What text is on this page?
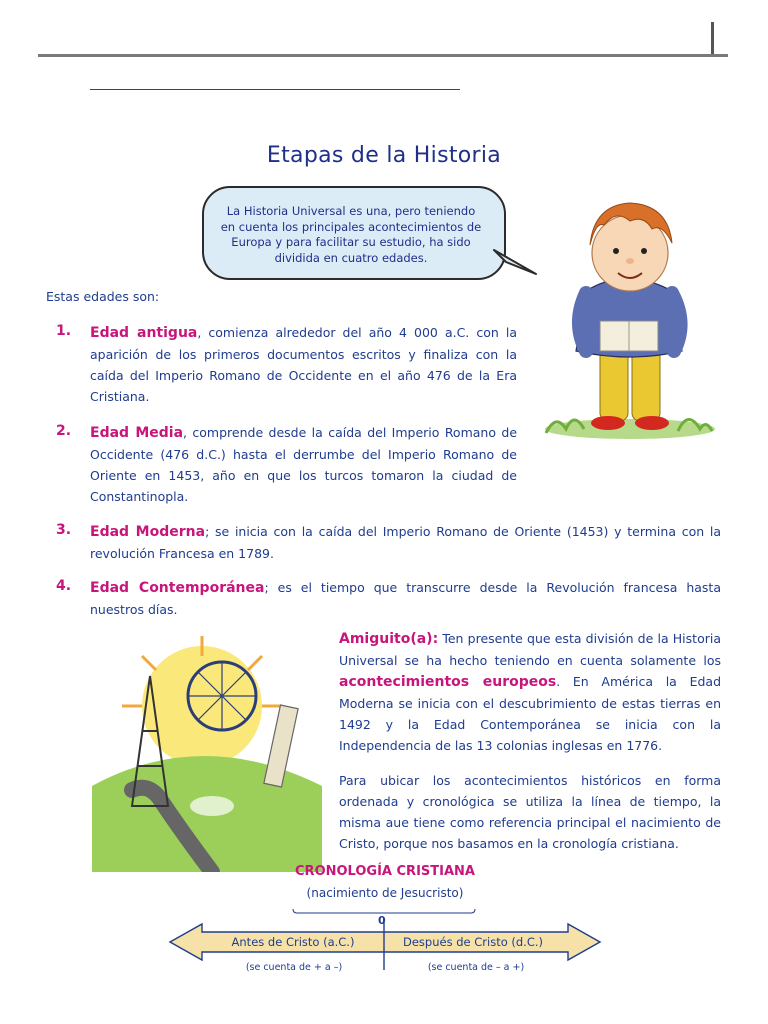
Etapas de la Historia
La Historia Universal es una, pero teniendo en cuenta los principales acontecimientos de Europa y para facilitar su estudio, ha sido dividida en cuatro edades.
Estas edades son:
1. Edad antigua, comienza alrededor del año 4 000 a.C. con la aparición de los primeros documentos escritos y finaliza con la caída del Imperio Romano de Occidente en el año 476 de la Era Cristiana.
2. Edad Media, comprende desde la caída del Imperio Romano de Occidente (476 d.C.) hasta el derrumbe del Imperio Romano de Oriente en 1453, año en que los turcos tomaron la ciudad de Constantinopla.
3. Edad Moderna; se inicia con la caída del Imperio Romano de Oriente (1453) y termina con la revolución Francesa en 1789.
4. Edad Contemporánea; es el tiempo que transcurre desde la Revolución francesa hasta nuestros días.
Amiguito(a): Ten presente que esta división de la Historia Universal se ha hecho teniendo en cuenta solamente los acontecimientos europeos. En América la Edad Moderna se inicia con el descubrimiento de estas tierras en 1492 y la Edad Contemporánea se inicia con la Independencia de las 13 colonias inglesas en 1776.
Para ubicar los acontecimientos históricos en forma ordenada y cronológica se utiliza la línea de tiempo, la misma aue tiene como referencia principal el nacimiento de Cristo, porque nos basamos en la cronología cristiana.
CRONOLOGÍA CRISTIANA
(nacimiento de Jesucristo)
0
Antes de Cristo (a.C.)	Después de Cristo (d.C.)
(se cuenta de + a –)	(se cuenta de – a +)
